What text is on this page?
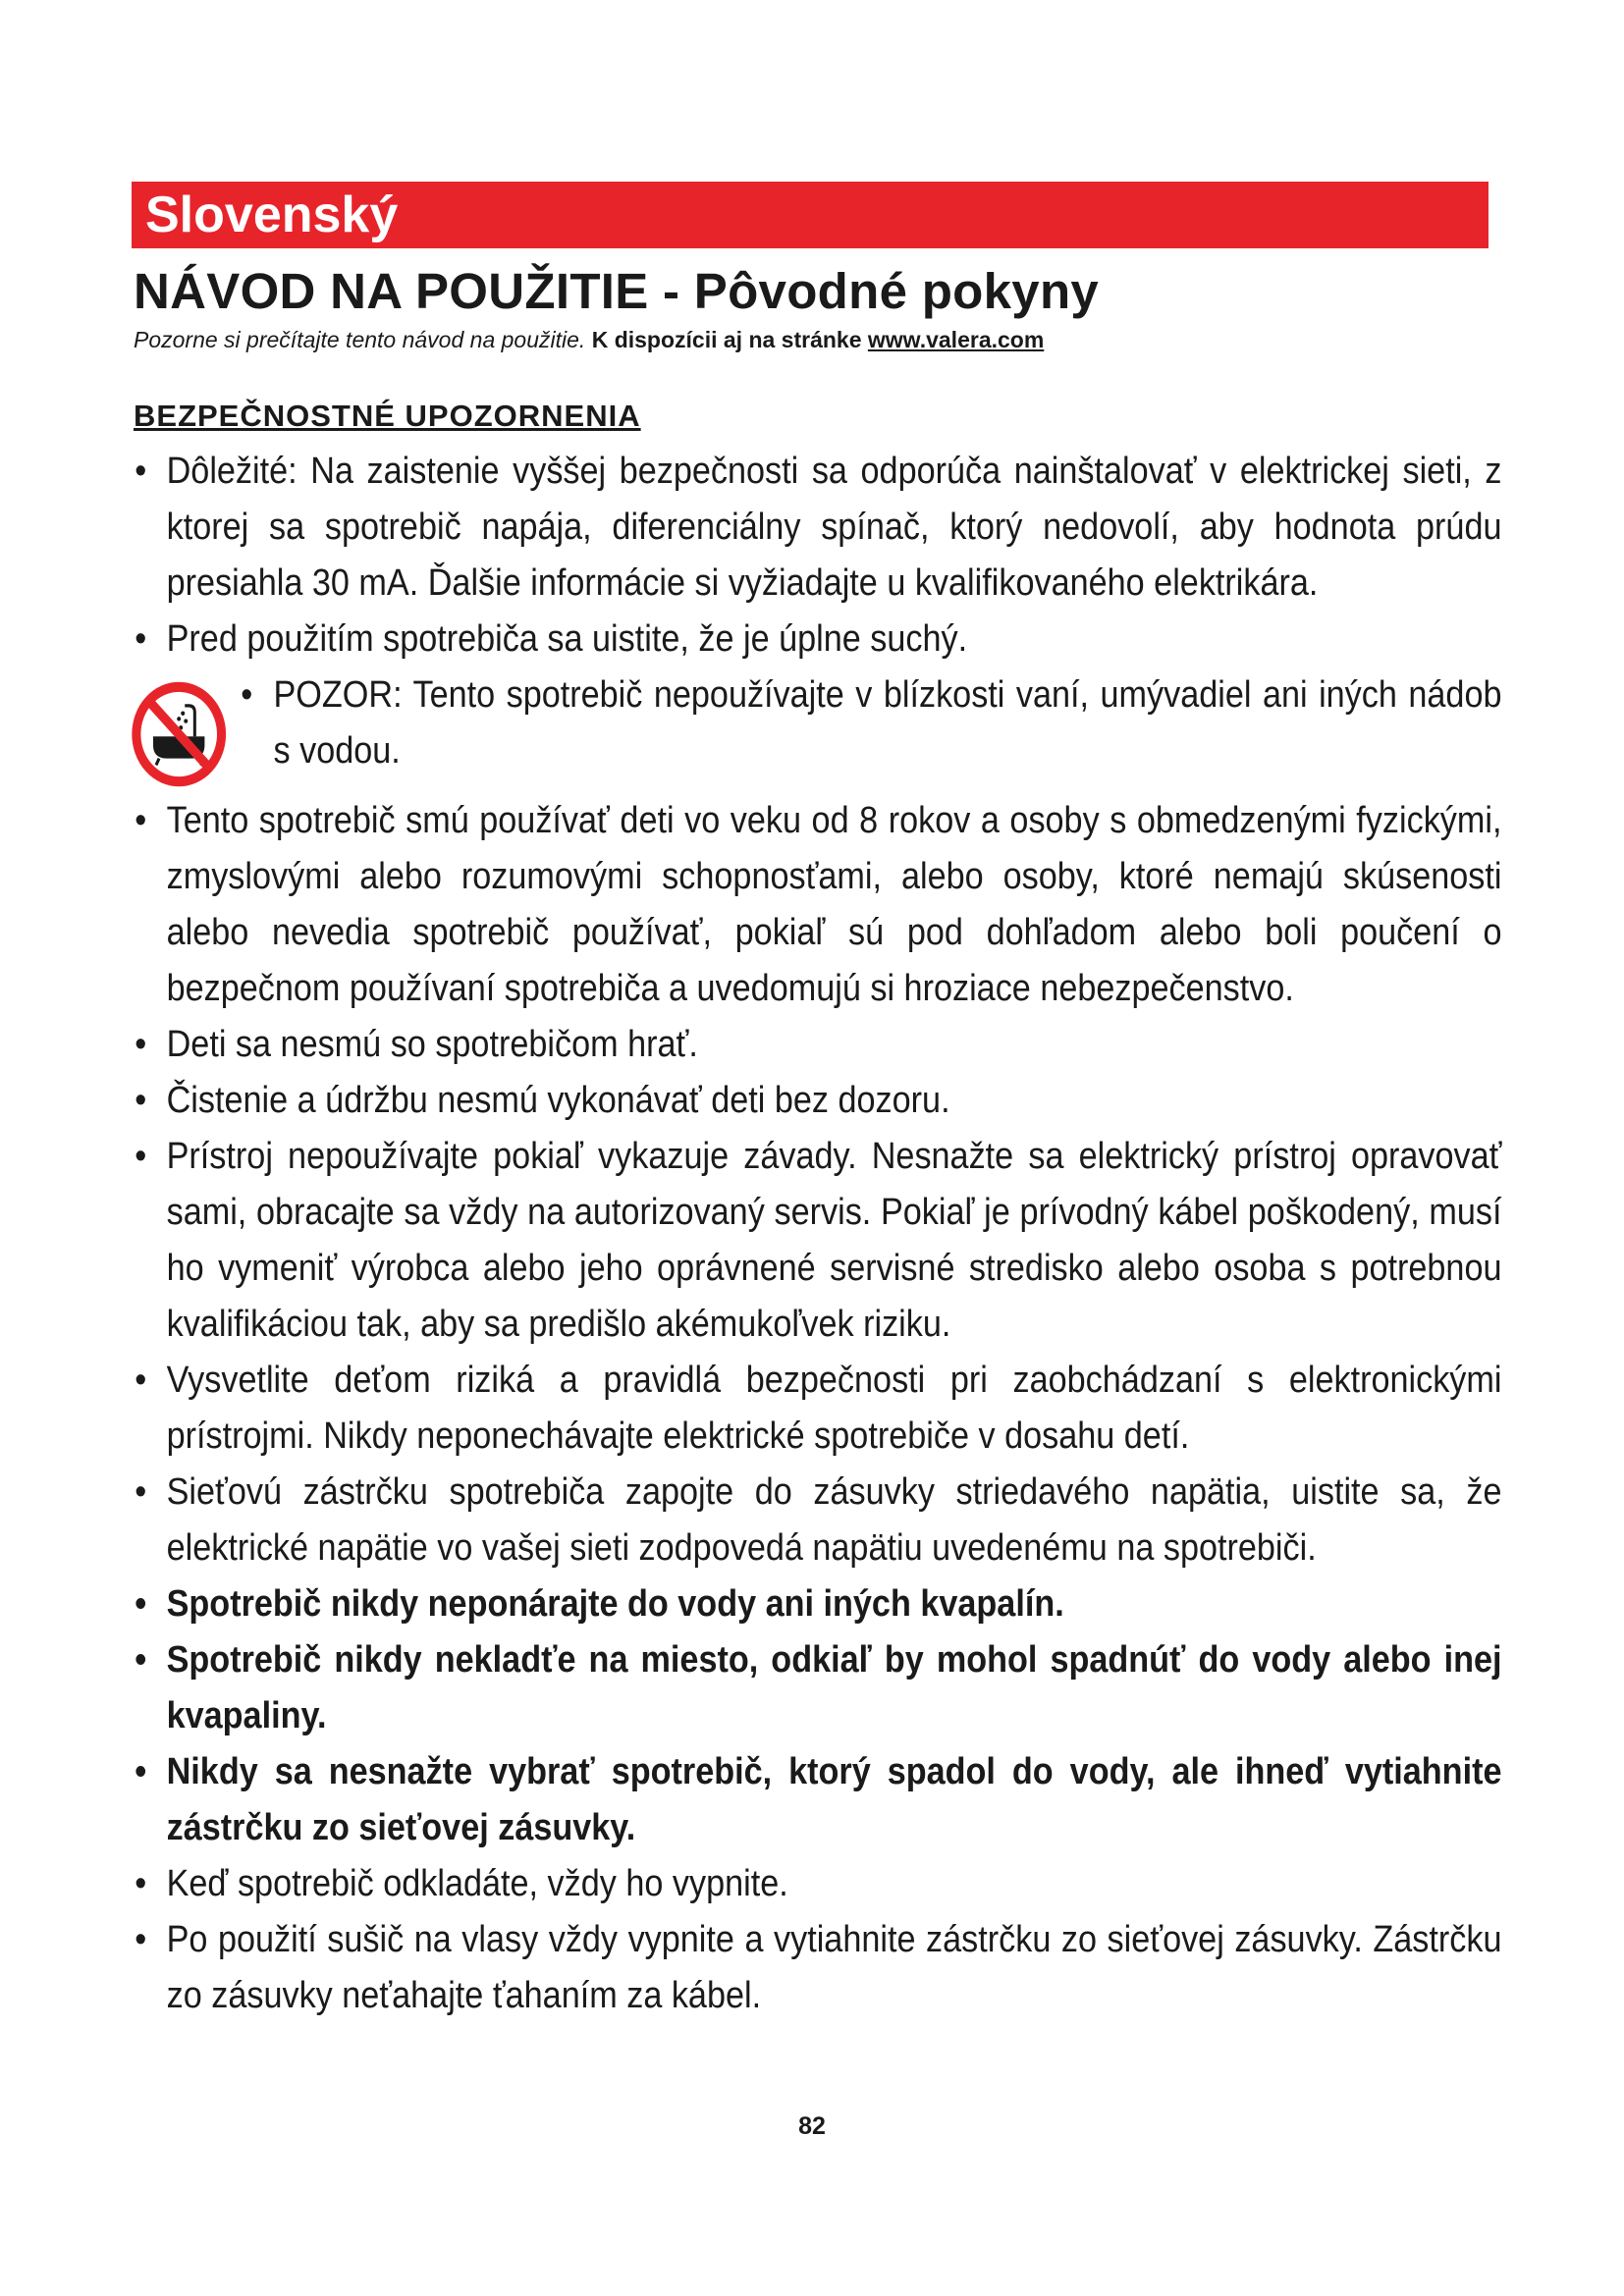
Slovenský
NÁVOD NA POUŽITIE - Pôvodné pokyny
Pozorne si prečítajte tento návod na použitie. K dispozícii aj na stránke www.valera.com
BEZPEČNOSTNÉ UPOZORNENIA
• Dôležité: Na zaistenie vyššej bezpečnosti sa odporúča nainštalovať v elektrickej sieti, z ktorej sa spotrebič napája, diferenciálny spínač, ktorý nedovolí, aby hodnota prúdu presiahla 30 mA. Ďalšie informácie si vyžiadajte u kvalifikovaného elektrikára.
• Pred použitím spotrebiča sa uistite, že je úplne suchý.
• POZOR: Tento spotrebič nepoužívajte v blízkosti vaní, umývadiel ani iných nádob s vodou.
• Tento spotrebič smú používať deti vo veku od 8 rokov a osoby s obmedzenými fyzickými, zmyslovými alebo rozumovými schopnosťami, alebo osoby, ktoré nemajú skúsenosti alebo nevedia spotrebič používať, pokiaľ sú pod dohľadom alebo boli poučení o bezpečnom používaní spotrebiča a uvedomujú si hroziace nebezpečenstvo.
• Deti sa nesmú so spotrebičom hrať.
• Čistenie a údržbu nesmú vykonávať deti bez dozoru.
• Prístroj nepoužívajte pokiaľ vykazuje závady. Nesnažte sa elektrický prístroj opravovať sami, obracajte sa vždy na autorizovaný servis. Pokiaľ je prívodný kábel poškodený, musí ho vymeniť výrobca alebo jeho oprávnené servisné stredisko alebo osoba s potrebnou kvalifikáciou tak, aby sa predišlo akémukoľvek riziku.
• Vysvetlite deťom riziká a pravidlá bezpečnosti pri zaobchádzaní s elektronickými prístrojmi. Nikdy neponechávajte elektrické spotrebiče v dosahu detí.
• Sieťovú zástrčku spotrebiča zapojte do zásuvky striedavého napätia, uistite sa, že elektrické napätie vo vašej sieti zodpovedá napätiu uvedenému na spotrebiči.
• Spotrebič nikdy neponárajte do vody ani iných kvapalín.
• Spotrebič nikdy nekladťe na miesto, odkiaľ by mohol spadnúť do vody alebo inej kvapaliny.
• Nikdy sa nesnažte vybrať spotrebič, ktorý spadol do vody, ale ihneď vytiahnite zástrčku zo sieťovej zásuvky.
• Keď spotrebič odkladáte, vždy ho vypnite.
• Po použití sušič na vlasy vždy vypnite a vytiahnite zástrčku zo sieťovej zásuvky. Zástrčku zo zásuvky neťahajte ťahaním za kábel.
82
